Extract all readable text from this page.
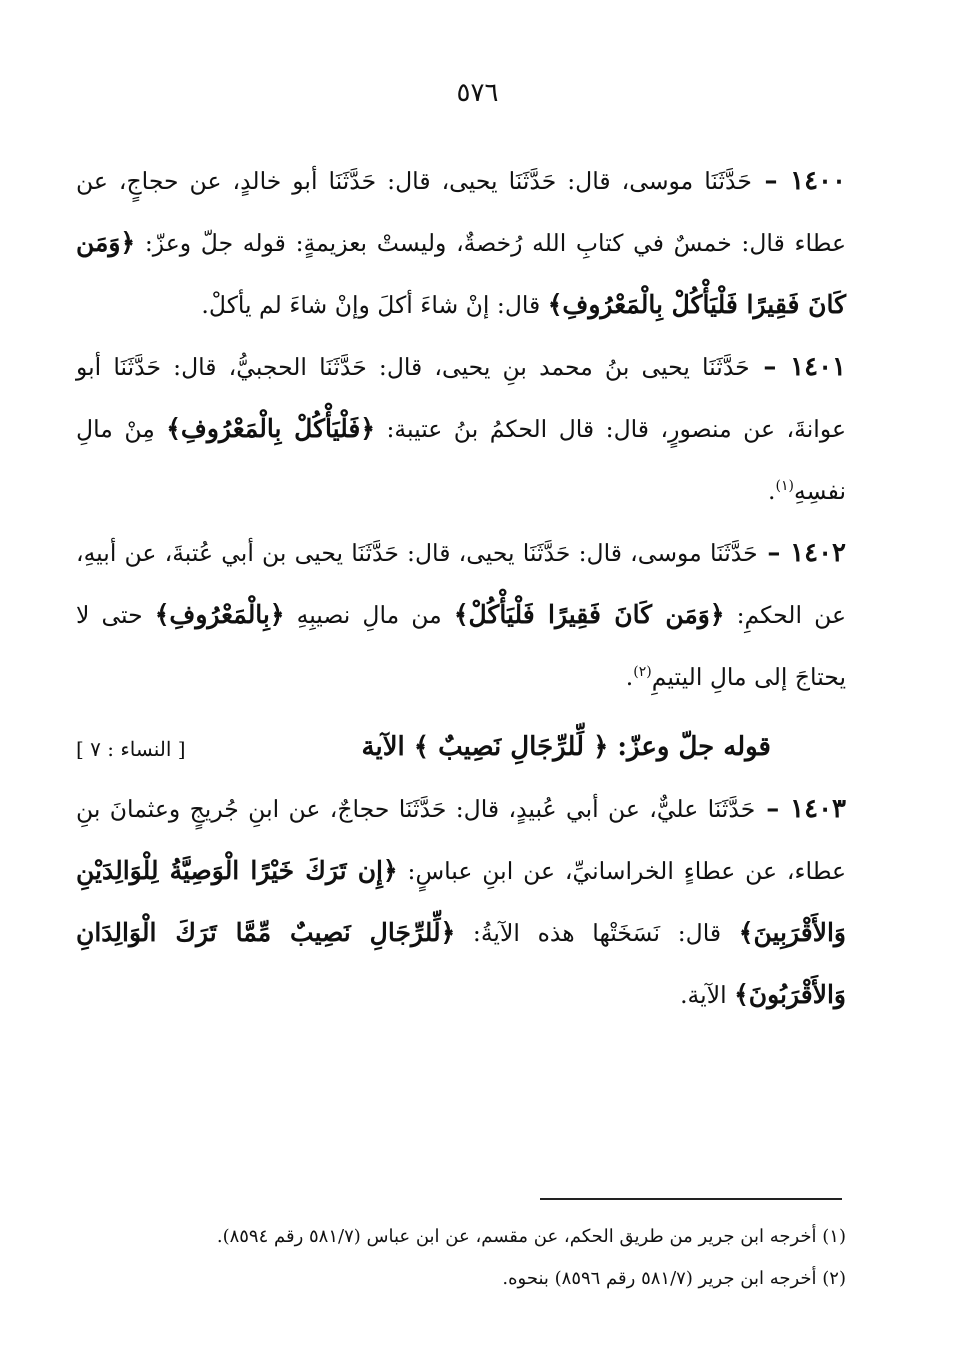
٥٧٦

١٤٠٠ – حَدَّثَنَا موسى، قال: حَدَّثَنَا يحيى، قال: حَدَّثَنَا أبو خالدٍ، عن حجاجٍ، عن عطاء قال: خمسٌ في كتابِ الله رُخصةٌ، وليستْ بعزيمةٍ: قوله جلّ وعزّ: ﴿وَمَن كَانَ فَقِيرًا فَلْيَأْكُلْ بِالْمَعْرُوفِ﴾ قال: إنْ شاءَ أكلَ وإنْ شاءَ لم يأكلْ.

١٤٠١ – حَدَّثَنَا يحيى بنُ محمد بنِ يحيى، قال: حَدَّثَنَا الحجبيُّ، قال: حَدَّثَنَا أبو عوانةَ، عن منصورٍ، قال: قال الحكمُ بنُ عتيبة: ﴿فَلْيَأْكُلْ بِالْمَعْرُوفِ﴾ مِنْ مالِ نفسِهِ$^{(١)}$.

١٤٠٢ – حَدَّثَنَا موسى، قال: حَدَّثَنَا يحيى، قال: حَدَّثَنَا يحيى بن أبي عُتبةَ، عن أبيهِ، عن الحكمِ: ﴿وَمَن كَانَ فَقِيرًا فَلْيَأْكُلْ﴾ من مالِ نصيبِهِ ﴿بِالْمَعْرُوفِ﴾ حتى لا يحتاجَ إلى مالِ اليتيمِ$^{(٢)}$.

قوله جلّ وعزّ: ﴿ لِّلرِّجَالِ نَصِيبٌ ﴾ الآية
[ النساء : ٧ ]

١٤٠٣ – حَدَّثَنَا عليٌّ، عن أبي عُبيدٍ، قال: حَدَّثَنَا حجاجٌ، عن ابنِ جُريجٍ وعثمانَ بنِ عطاء، عن عطاءٍ الخراسانيِّ، عن ابنِ عباسٍ: ﴿إِن تَرَكَ خَيْرًا الْوَصِيَّةُ لِلْوَالِدَيْنِ وَالأَقْرَبِينَ﴾ قال: نَسَخَتْها هذه الآيةُ: ﴿لِّلرِّجَالِ نَصِيبٌ مِّمَّا تَرَكَ الْوَالِدَانِ وَالأَقْرَبُونَ﴾ الآية.

(١) أخرجه ابن جرير من طريق الحكم، عن مقسم، عن ابن عباس (٥٨١/٧ رقم ٨٥٩٤).

(٢) أخرجه ابن جرير (٥٨١/٧ رقم ٨٥٩٦) بنحوه.
